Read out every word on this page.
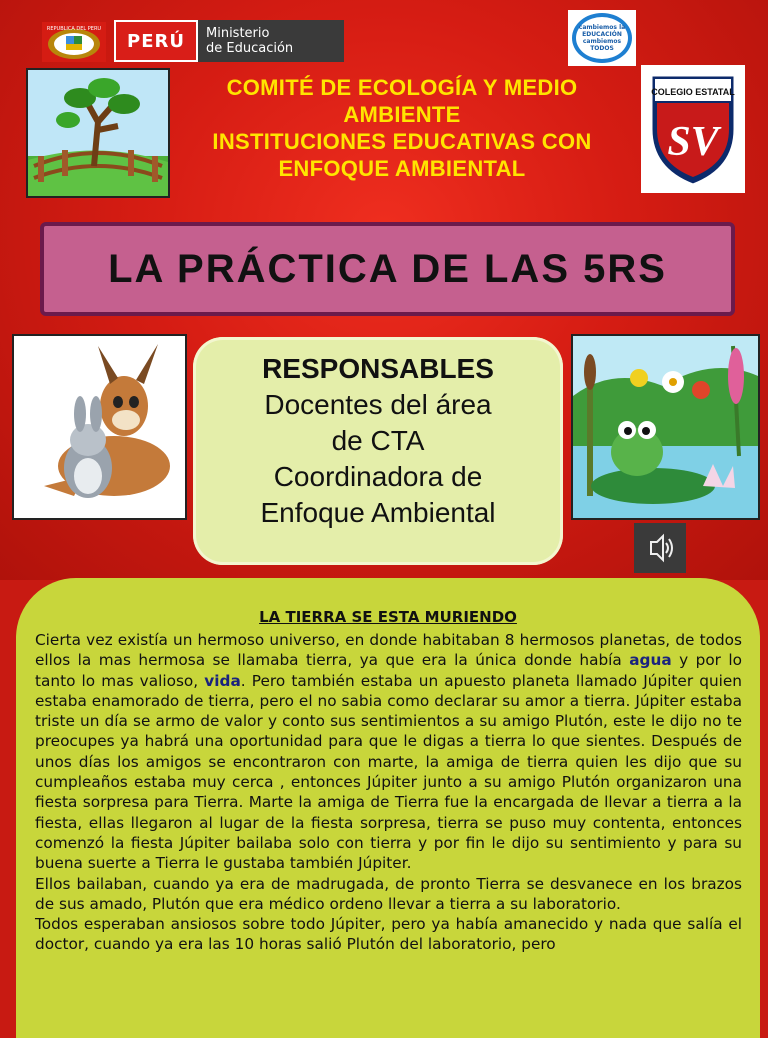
REPUBLICA DEL PERU
PERÚ	Ministerio
de Educación
cambiemos la
EDUCACIÓN
cambiemos
TODOS
COMITÉ DE ECOLOGÍA Y MEDIO
AMBIENTE
INSTITUCIONES EDUCATIVAS CON
ENFOQUE AMBIENTAL
COLEGIO ESTATAL
SV
LA PRÁCTICA DE LAS 5RS
RESPONSABLES
Docentes del área
de CTA
Coordinadora de
Enfoque Ambiental
LA TIERRA SE ESTA MURIENDO

Cierta vez existía un hermoso universo, en donde habitaban 8 hermosos planetas, de todos ellos la mas hermosa se llamaba tierra, ya que era la única donde había agua y por lo tanto lo mas valioso, vida. Pero también estaba un apuesto planeta llamado Júpiter quien estaba enamorado de tierra, pero el no sabia como declarar su amor a tierra. Júpiter estaba triste un día se armo de valor y conto sus sentimientos a su amigo Plutón, este le dijo no te preocupes ya habrá una oportunidad para que le digas a tierra lo que sientes. Después de unos días los amigos se encontraron con marte, la amiga de tierra quien les dijo que su cumpleaños estaba muy cerca , entonces Júpiter junto a su amigo Plutón organizaron una fiesta sorpresa para Tierra. Marte la amiga de Tierra fue la encargada de llevar a tierra a la fiesta, ellas llegaron al lugar de la fiesta sorpresa, tierra se puso muy contenta, entonces comenzó la fiesta Júpiter bailaba solo con tierra y por fin le dijo su sentimiento y para su buena suerte a Tierra le gustaba también Júpiter.

Ellos bailaban, cuando ya era de madrugada, de pronto Tierra se desvanece en los brazos de sus amado, Plutón que era médico ordeno llevar a tierra a su laboratorio.

Todos esperaban ansiosos sobre todo Júpiter, pero ya había amanecido y nada que salía el doctor, cuando ya era las 10 horas salió Plutón del laboratorio, pero
